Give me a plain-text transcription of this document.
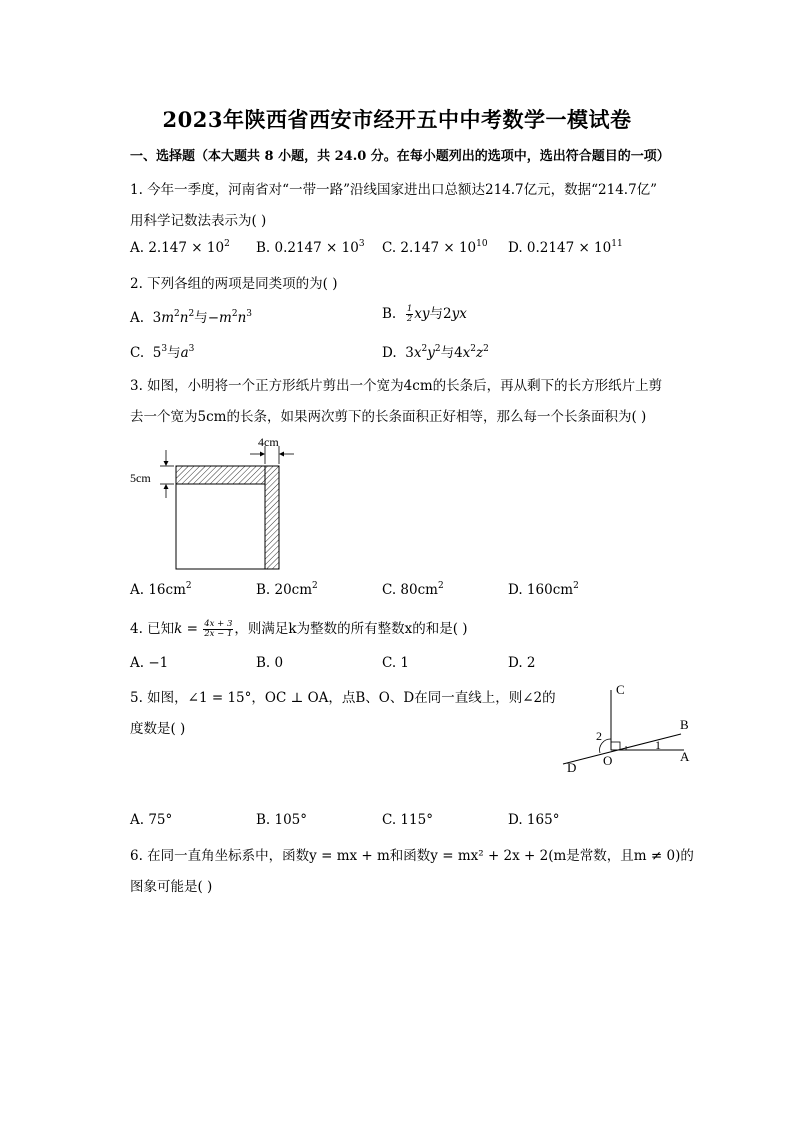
2023年陕西省西安市经开五中中考数学一模试卷
一、选择题（本大题共 8 小题，共 24.0 分。在每小题列出的选项中，选出符合题目的一项）
1. 今年一季度，河南省对“一带一路”沿线国家进出口总额达214.7亿元，数据“214.7亿”
用科学记数法表示为( )
A. $2.147 \times 10^2$ B. $0.2147 \times 10^3$ C. $2.147 \times 10^{10}$ D. $0.2147 \times 10^{11}$
2. 下列各组的两项是同类项的为( )
A. $3m^2n^2$与$-m^2n^3$	B. $\frac{1}{2}$ xy与2yx
C. $5^3$与$a^3$	D. $3x^2y^2$与$4x^2z^2$
3. 如图，小明将一个正方形纸片剪出一个宽为4cm的长条后，再从剩下的长方形纸片上剪
去一个宽为5cm的长条，如果两次剪下的长条面积正好相等，那么每一个长条面积为( )
4cm
5cm
A. $16cm^2$	B. $20cm^2$	C. $80cm^2$	D. $160cm^2$
4. 已知$k = \frac{4x + 3}{2x - 1}$ ，则满足k为整数的所有整数x的和是( )
A. −1	B. 0	C. 1	D. 2
5. 如图，∠1 = 15°，OC ⊥ OA，点B、O、D在同一直线上，则∠2的
度数是( )
C
B
A
O
D
1
2
A. 75°	B. 105°	C. 115°	D. 165°
6. 在同一直角坐标系中，函数y = mx + m和函数y = mx² + 2x + 2(m是常数，且m ≠ 0)的
图象可能是( )
